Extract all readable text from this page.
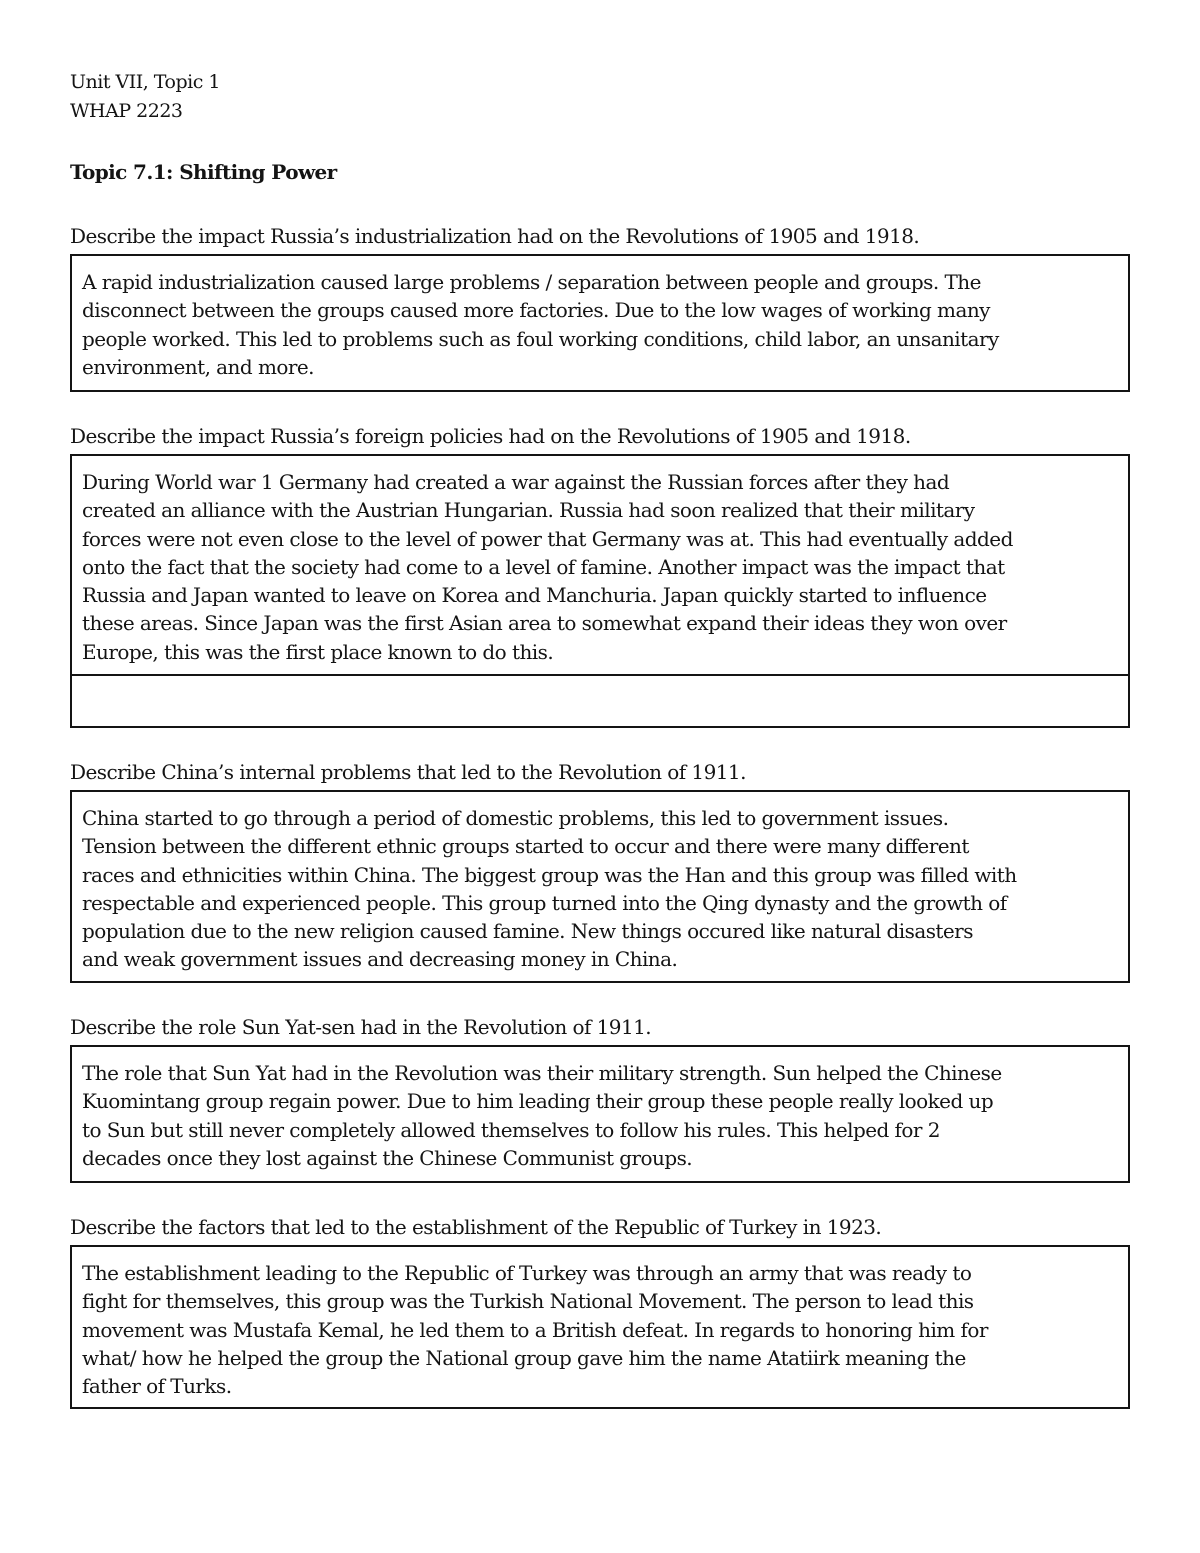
Unit VII, Topic 1
WHAP 2223
Topic 7.1: Shifting Power
Describe the impact Russia’s industrialization had on the Revolutions of 1905 and 1918.
A rapid industrialization caused large problems / separation between people and groups. The
disconnect between the groups caused more factories. Due to the low wages of working many
people worked. This led to problems such as foul working conditions, child labor, an unsanitary
environment, and more.
Describe the impact Russia’s foreign policies had on the Revolutions of 1905 and 1918.
During World war 1 Germany had created a war against the Russian forces after they had
created an alliance with the Austrian Hungarian. Russia had soon realized that their military
forces were not even close to the level of power that Germany was at. This had eventually added
onto the fact that the society had come to a level of famine. Another impact was the impact that
Russia and Japan wanted to leave on Korea and Manchuria. Japan quickly started to influence
these areas. Since Japan was the first Asian area to somewhat expand their ideas they won over
Europe, this was the first place known to do this.
Describe China’s internal problems that led to the Revolution of 1911.
China started to go through a period of domestic problems, this led to government issues.
Tension between the different ethnic groups started to occur and there were many different
races and ethnicities within China. The biggest group was the Han and this group was filled with
respectable and experienced people. This group turned into the Qing dynasty and the growth of
population due to the new religion caused famine. New things occured like natural disasters
and weak government issues and decreasing money in China.
Describe the role Sun Yat-sen had in the Revolution of 1911.
The role that Sun Yat had in the Revolution was their military strength. Sun helped the Chinese
Kuomintang group regain power. Due to him leading their group these people really looked up
to Sun but still never completely allowed themselves to follow his rules. This helped for 2
decades once they lost against the Chinese Communist groups.
Describe the factors that led to the establishment of the Republic of Turkey in 1923.
The establishment leading to the Republic of Turkey was through an army that was ready to
fight for themselves, this group was the Turkish National Movement. The person to lead this
movement was Mustafa Kemal, he led them to a British defeat. In regards to honoring him for
what/ how he helped the group the National group gave him the name Atatiirk meaning the
father of Turks.
